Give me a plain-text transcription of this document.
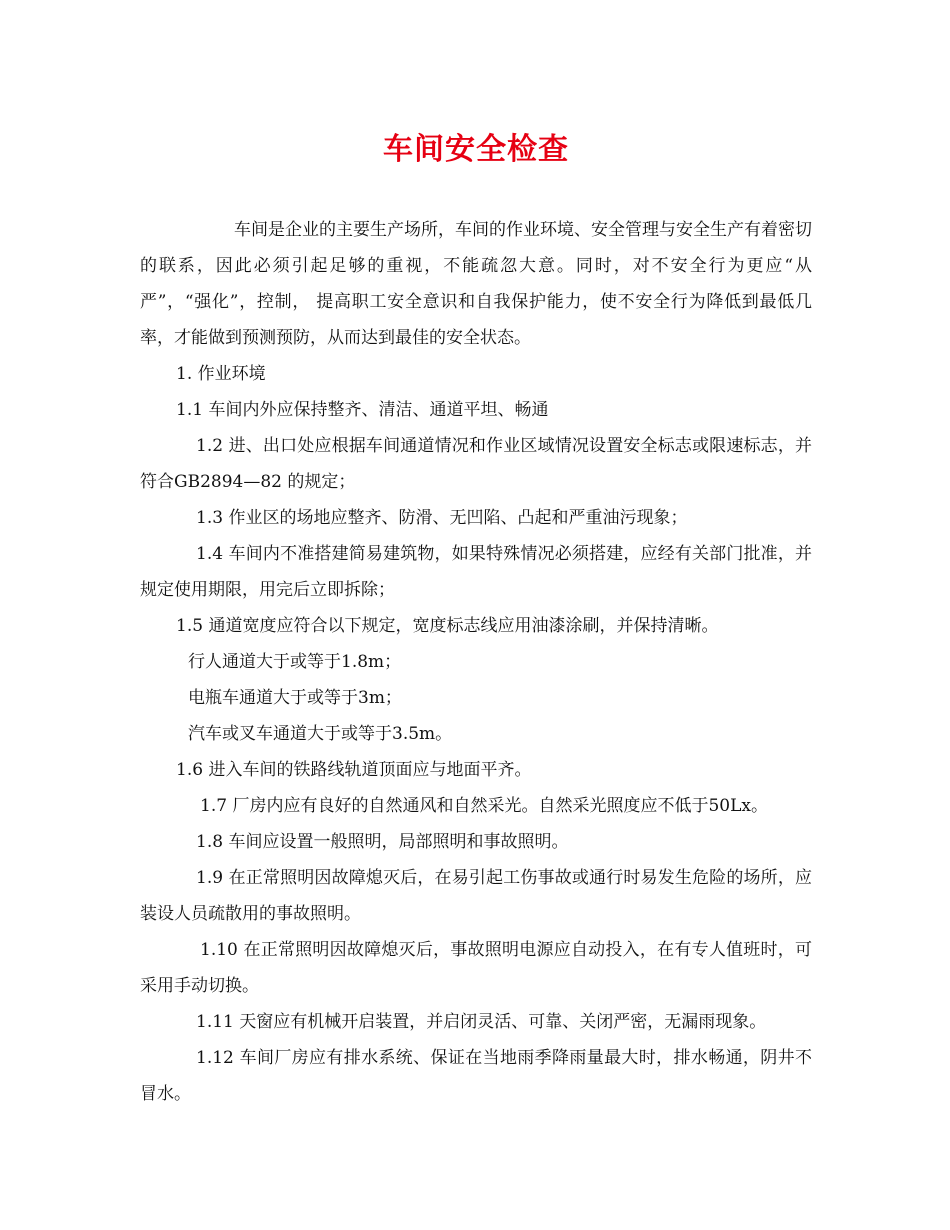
车间安全检查

车间是企业的主要生产场所，车间的作业环境、安全管理与安全生产有着密切的联系，因此必须引起足够的重视，不能疏忽大意。同时，对不安全行为更应“从严”，“强化”，控制， 提高职工安全意识和自我保护能力，使不安全行为降低到最低几率，才能做到预测预防，从而达到最佳的安全状态。

1. 作业环境

1.1 车间内外应保持整齐、清洁、通道平坦、畅通

1.2 进、出口处应根据车间通道情况和作业区域情况设置安全标志或限速标志，并符合GB2894—82 的规定；

1.3 作业区的场地应整齐、防滑、无凹陷、凸起和严重油污现象；

1.4 车间内不准搭建简易建筑物，如果特殊情况必须搭建，应经有关部门批准，并规定使用期限，用完后立即拆除；

1.5 通道宽度应符合以下规定，宽度标志线应用油漆涂刷，并保持清晰。

行人通道大于或等于1.8m；

电瓶车通道大于或等于3m；

汽车或叉车通道大于或等于3.5m。

1.6 进入车间的铁路线轨道顶面应与地面平齐。

1.7 厂房内应有良好的自然通风和自然采光。自然采光照度应不低于50Lx。

1.8 车间应设置一般照明，局部照明和事故照明。

1.9 在正常照明因故障熄灭后，在易引起工伤事故或通行时易发生危险的场所，应装设人员疏散用的事故照明。

1.10 在正常照明因故障熄灭后，事故照明电源应自动投入，在有专人值班时，可采用手动切换。

1.11 天窗应有机械开启装置，并启闭灵活、可靠、关闭严密，无漏雨现象。

1.12 车间厂房应有排水系统、保证在当地雨季降雨量最大时，排水畅通，阴井不冒水。
